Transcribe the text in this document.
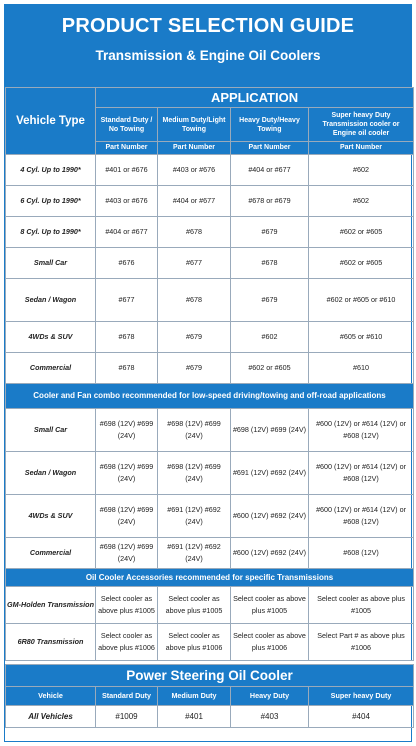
PRODUCT SELECTION GUIDE
Transmission & Engine Oil Coolers
Vehicle Type	APPLICATION			
	Standard Duty / No Towing	Medium Duty/Light Towing	Heavy Duty/Heavy Towing	Super heavy Duty Transmission cooler or Engine oil cooler
	Part Number	Part Number	Part Number	Part Number
4 Cyl. Up to 1990*	#401 or #676	#403 or #676	#404 or #677	#602
6 Cyl. Up to 1990*	#403 or #676	#404 or #677	#678 or #679	#602
8 Cyl. Up to 1990*	#404 or #677	#678	#679	#602 or #605
Small Car	#676	#677	#678	#602 or #605
Sedan / Wagon	#677	#678	#679	#602 or #605 or #610
4WDs & SUV	#678	#679	#602	#605 or #610
Commercial	#678	#679	#602 or #605	#610
Cooler and Fan combo recommended for low-speed driving/towing and off-road applications				
Small Car	#698 (12V) #699 (24V)	#698 (12V) #699 (24V)	#698 (12V) #699 (24V)	#600 (12V) or #614 (12V) or #608 (12V)
Sedan / Wagon	#698 (12V) #699 (24V)	#698 (12V) #699 (24V)	#691 (12V) #692 (24V)	#600 (12V) or #614 (12V) or #608 (12V)
4WDs & SUV	#698 (12V) #699 (24V)	#691 (12V) #692 (24V)	#600 (12V) #692 (24V)	#600 (12V) or #614 (12V) or #608 (12V)
Commercial	#698 (12V) #699 (24V)	#691 (12V) #692 (24V)	#600 (12V) #692 (24V)	#608 (12V)
Oil Cooler Accessories recommended for specific Transmissions				
GM-Holden Transmission	Select cooler as above plus #1005	Select cooler as above plus #1005	Select cooler as above plus #1005	Select cooler as above plus #1005
6R80 Transmission	Select cooler as above plus #1006	Select cooler as above plus #1006	Select cooler as above plus #1006	Select Part # as above plus #1006

Power Steering Oil Cooler				
Vehicle	Standard Duty	Medium Duty	Heavy Duty	Super heavy Duty
All Vehicles	#1009	#401	#403	#404
